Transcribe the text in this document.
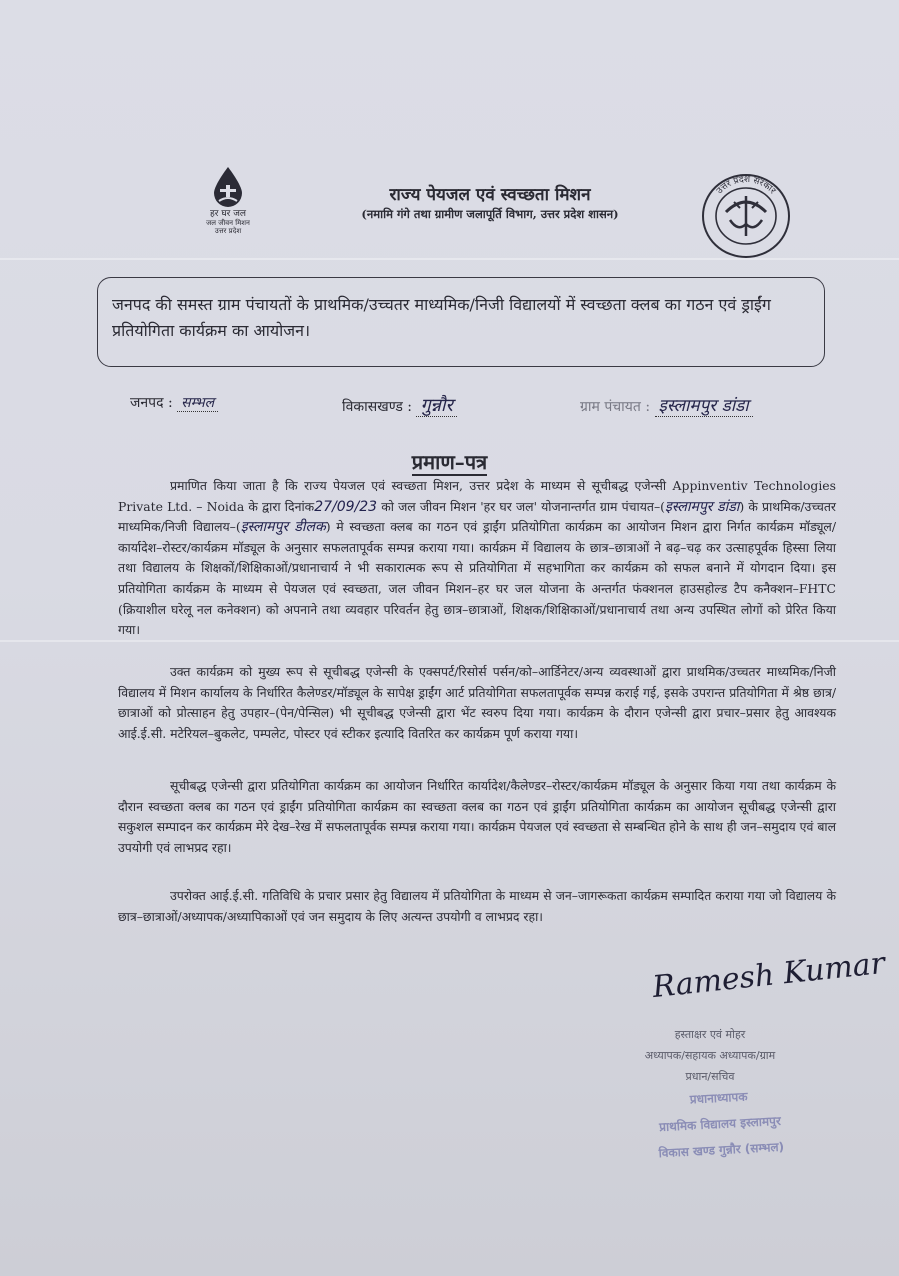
हर घर जल
जल जीवन मिशन
उत्तर प्रदेश
राज्य पेयजल एवं स्वच्छता मिशन
(नमामि गंगे तथा ग्रामीण जलापूर्ति विभाग, उत्तर प्रदेश शासन)
उत्तर प्रदेश सरकार
जनपद की समस्त ग्राम पंचायतों के प्राथमिक/उच्चतर माध्यमिक/निजी विद्यालयों में स्वच्छता क्लब का गठन एवं ड्राईंग प्रतियोगिता कार्यक्रम का आयोजन।
जनपद : सम्भल	विकासखण्ड : गुन्नौर	ग्राम पंचायत : इस्लामपुर डांडा
प्रमाण–पत्र
प्रमाणित किया जाता है कि राज्य पेयजल एवं स्वच्छता मिशन, उत्तर प्रदेश के माध्यम से सूचीबद्ध एजेन्सी Appinventiv Technologies Private Ltd. – Noida के द्वारा दिनांक27/09/23 को जल जीवन मिशन 'हर घर जल' योजनान्तर्गत ग्राम पंचायत–(इस्लामपुर डांडा) के प्राथमिक/उच्चतर माध्यमिक/निजी विद्यालय–(इस्लामपुर डीलक) मे स्वच्छता क्लब का गठन एवं ड्राईंग प्रतियोगिता कार्यक्रम का आयोजन मिशन द्वारा निर्गत कार्यक्रम मॉड्यूल/कार्यादेश–रोस्टर/कार्यक्रम मॉड्यूल के अनुसार सफलतापूर्वक सम्पन्न कराया गया। कार्यक्रम में विद्यालय के छात्र–छात्राओं ने बढ़–चढ़ कर उत्साहपूर्वक हिस्सा लिया तथा विद्यालय के शिक्षकों/शिक्षिकाओं/प्रधानाचार्य ने भी सकारात्मक रूप से प्रतियोगिता में सहभागिता कर कार्यक्रम को सफल बनाने में योगदान दिया। इस प्रतियोगिता कार्यक्रम के माध्यम से पेयजल एवं स्वच्छता, जल जीवन मिशन–हर घर जल योजना के अन्तर्गत फंक्शनल हाउसहोल्ड टैप कनैक्शन–FHTC (क्रियाशील घरेलू नल कनेक्शन) को अपनाने तथा व्यवहार परिवर्तन हेतु छात्र–छात्राओं, शिक्षक/शिक्षिकाओं/प्रधानाचार्य तथा अन्य उपस्थित लोगों को प्रेरित किया गया।
उक्त कार्यक्रम को मुख्य रूप से सूचीबद्ध एजेन्सी के एक्सपर्ट/रिसोर्स पर्सन/को–आर्डिनेटर/अन्य व्यवस्थाओं द्वारा प्राथमिक/उच्चतर माध्यमिक/निजी विद्यालय में मिशन कार्यालय के निर्धारित कैलेण्डर/मॉड्यूल के सापेक्ष ड्राईंग आर्ट प्रतियोगिता सफलतापूर्वक सम्पन्न कराई गई, इसके उपरान्त प्रतियोगिता में श्रेष्ठ छात्र/छात्राओं को प्रोत्साहन हेतु उपहार–(पेन/पेन्सिल) भी सूचीबद्ध एजेन्सी द्वारा भेंट स्वरुप दिया गया। कार्यक्रम के दौरान एजेन्सी द्वारा प्रचार–प्रसार हेतु आवश्यक आई.ई.सी. मटेरियल–बुकलेट, पम्पलेट, पोस्टर एवं स्टीकर इत्यादि वितरित कर कार्यक्रम पूर्ण कराया गया।
सूचीबद्ध एजेन्सी द्वारा प्रतियोगिता कार्यक्रम का आयोजन निर्धारित कार्यादेश/कैलेण्डर–रोस्टर/कार्यक्रम मॉड्यूल के अनुसार किया गया तथा कार्यक्रम के दौरान स्वच्छता क्लब का गठन एवं ड्राईंग प्रतियोगिता कार्यक्रम का स्वच्छता क्लब का गठन एवं ड्राईंग प्रतियोगिता कार्यक्रम का आयोजन सूचीबद्ध एजेन्सी द्वारा सकुशल सम्पादन कर कार्यक्रम मेरे देख–रेख में सफलतापूर्वक सम्पन्न कराया गया। कार्यक्रम पेयजल एवं स्वच्छता से सम्बन्धित होने के साथ ही जन–समुदाय एवं बाल उपयोगी एवं लाभप्रद रहा।
उपरोक्त आई.ई.सी. गतिविधि के प्रचार प्रसार हेतु विद्यालय में प्रतियोगिता के माध्यम से जन–जागरूकता कार्यक्रम सम्पादित कराया गया जो विद्यालय के छात्र–छात्राओं/अध्यापक/अध्यापिकाओं एवं जन समुदाय के लिए अत्यन्त उपयोगी व लाभप्रद रहा।
Ramesh Kumar
हस्ताक्षर एवं मोहर
अध्यापक/सहायक अध्यापक/ग्राम
प्रधान/सचिव
प्रधानाध्यापक
प्राथमिक विद्यालय इस्लामपुर
विकास खण्ड गुन्नौर (सम्भल)
